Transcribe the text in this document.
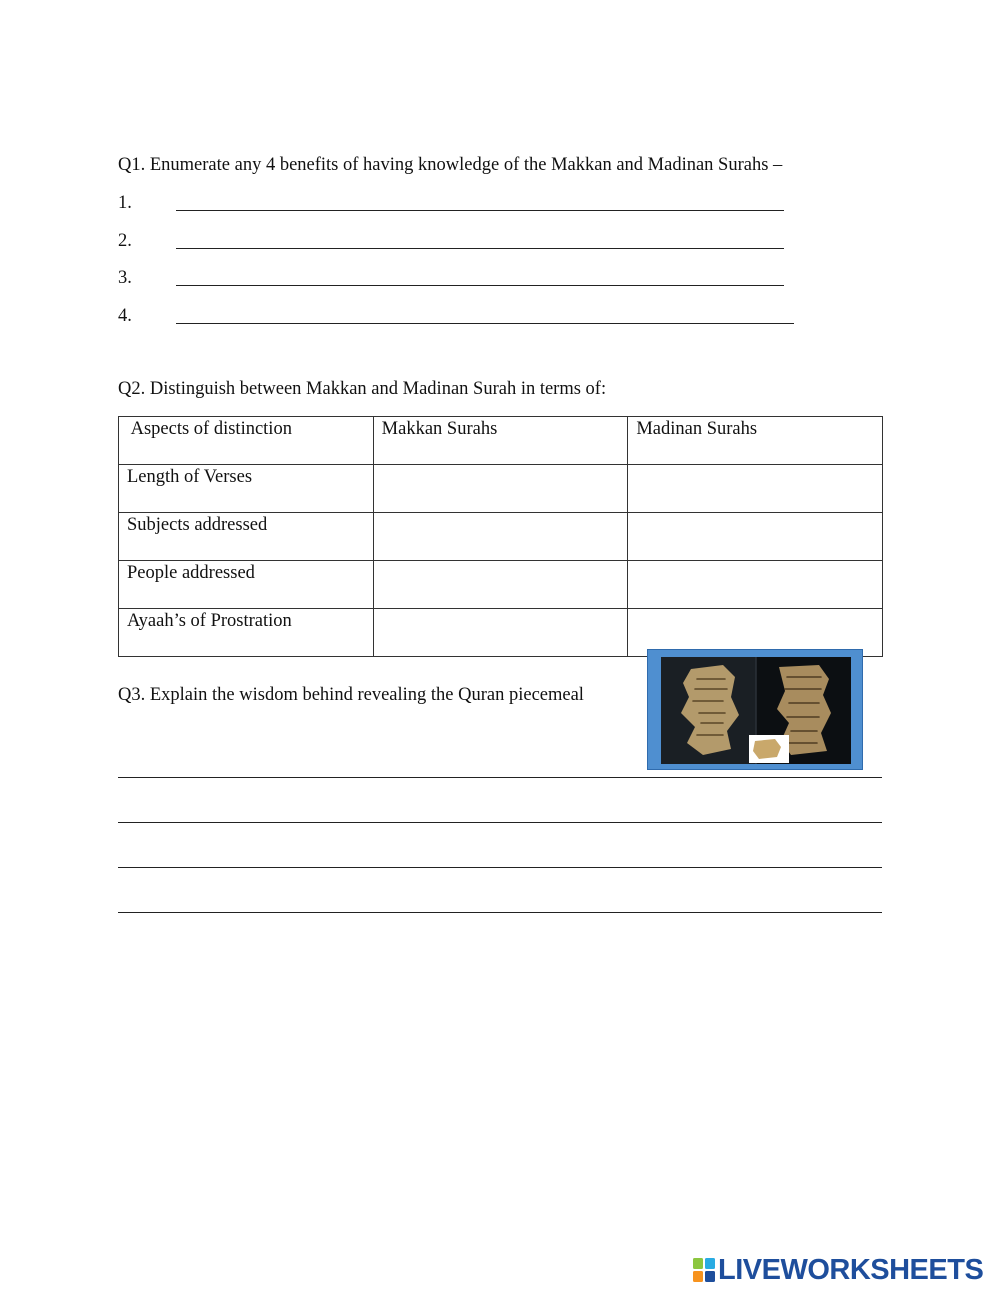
Q1. Enumerate any 4 benefits of having knowledge of the Makkan and Madinan Surahs –
1.
2.
3.
4.
Q2. Distinguish between Makkan and Madinan Surah in terms of:
Aspects of distinction	Makkan Surahs	Madinan Surahs
Length of Verses		
Subjects addressed		
People addressed		
Ayaah’s of Prostration		
Q3. Explain the wisdom behind revealing the Quran piecemeal
LIVEWORKSHEETS
